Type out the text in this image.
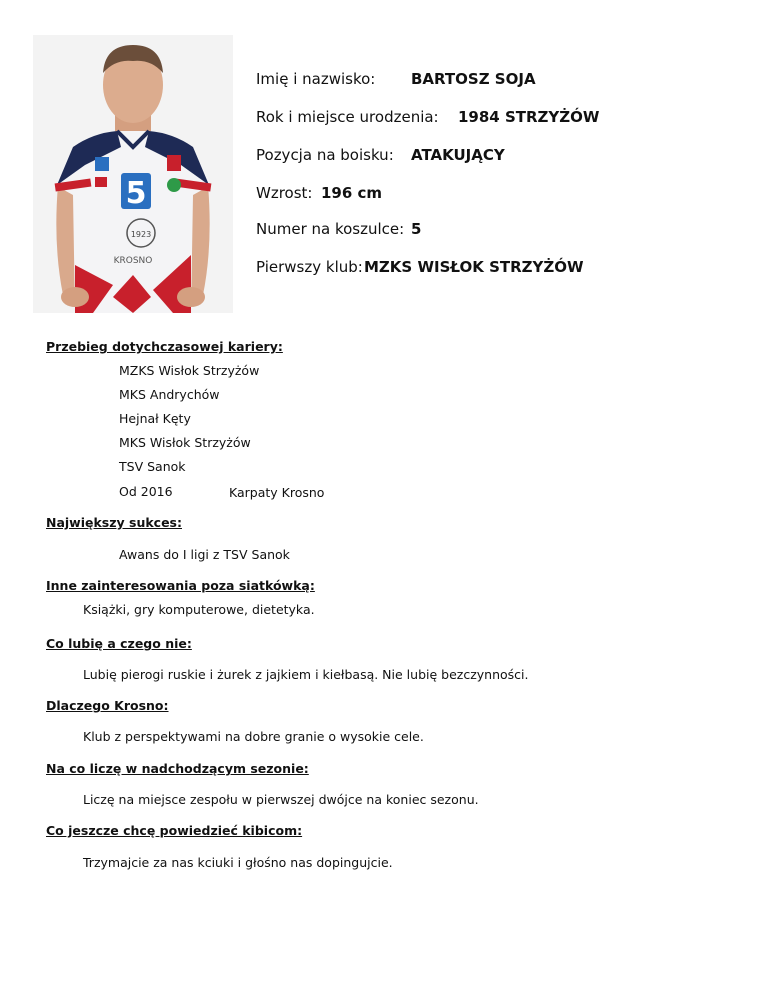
5
1923
KROSNO
Imię i nazwisko: BARTOSZ SOJA
Rok i miejsce urodzenia: 1984 STRZYŻÓW
Pozycja na boisku: ATAKUJĄCY
Wzrost: 196 cm
Numer na koszulce: 5
Pierwszy klub: MZKS WISŁOK STRZYŻÓW
Przebieg dotychczasowej kariery:
MZKS Wisłok Strzyżów
MKS Andrychów
Hejnał Kęty
MKS Wisłok Strzyżów
TSV Sanok
Od 2016	Karpaty Krosno
Największy sukces:
Awans do I ligi z TSV Sanok
Inne zainteresowania poza siatkówką:
Książki, gry komputerowe, dietetyka.
Co lubię a czego nie:
Lubię pierogi ruskie i żurek z jajkiem i kiełbasą. Nie lubię bezczynności.
Dlaczego Krosno:
Klub z perspektywami na dobre granie o wysokie cele.
Na co liczę w nadchodzącym sezonie:
Liczę na miejsce zespołu w pierwszej dwójce na koniec sezonu.
Co jeszcze chcę powiedzieć kibicom:
Trzymajcie za nas kciuki i głośno nas dopingujcie.
